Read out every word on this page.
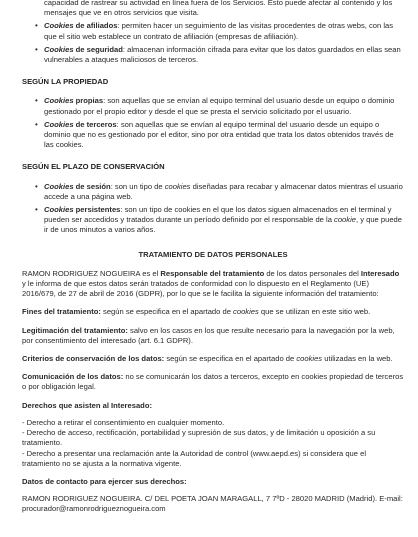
capacidad de rastrear su actividad en línea fuera de los Servicios. Esto puede afectar al contenido y los mensajes que ve en otros servicios que visita.
• Cookies de afiliados: permiten hacer un seguimiento de las visitas procedentes de otras webs, con las que el sitio web establece un contrato de afiliación (empresas de afiliación).
• Cookies de seguridad: almacenan información cifrada para evitar que los datos guardados en ellas sean vulnerables a ataques maliciosos de terceros.
SEGÚN LA PROPIEDAD
• Cookies propias: son aquellas que se envían al equipo terminal del usuario desde un equipo o dominio gestionado por el propio editor y desde el que se presta el servicio solicitado por el usuario.
• Cookies de terceros: son aquellas que se envían al equipo terminal del usuario desde un equipo o dominio que no es gestionado por el editor, sino por otra entidad que trata los datos obtenidos través de las cookies.
SEGÚN EL PLAZO DE CONSERVACIÓN
• Cookies de sesión: son un tipo de cookies diseñadas para recabar y almacenar datos mientras el usuario accede a una página web.
• Cookies persistentes: son un tipo de cookies en el que los datos siguen almacenados en el terminal y pueden ser accedidos y tratados durante un período definido por el responsable de la cookie, y que puede ir de unos minutos a varios años.
TRATAMIENTO DE DATOS PERSONALES

RAMON RODRIGUEZ NOGUEIRA es el Responsable del tratamiento de los datos personales del Interesado y le informa de que estos datos serán tratados de conformidad con lo dispuesto en el Reglamento (UE) 2016/679, de 27 de abril de 2016 (GDPR), por lo que se le facilita la siguiente información del tratamiento:

Fines del tratamiento: según se especifica en el apartado de cookies que se utilizan en este sitio web.

Legitimación del tratamiento: salvo en los casos en los que resulte necesario para la navegación por la web, por consentimiento del interesado (art. 6.1 GDPR).

Criterios de conservación de los datos: según se especifica en el apartado de cookies utilizadas en la web.

Comunicación de los datos: no se comunicarán los datos a terceros, excepto en cookies propiedad de terceros o por obligación legal.

Derechos que asisten al Interesado:

- Derecho a retirar el consentimiento en cualquier momento.
- Derecho de acceso, rectificación, portabilidad y supresión de sus datos, y de limitación u oposición a su tratamiento.
- Derecho a presentar una reclamación ante la Autoridad de control (www.aepd.es) si considera que el tratamiento no se ajusta a la normativa vigente.

Datos de contacto para ejercer sus derechos:

RAMON RODRIGUEZ NOGUEIRA. C/ DEL POETA JOAN MARAGALL, 7 7ºD - 28020 MADRID (Madrid). E-mail: procurador@ramonrodrigueznogueira.com
